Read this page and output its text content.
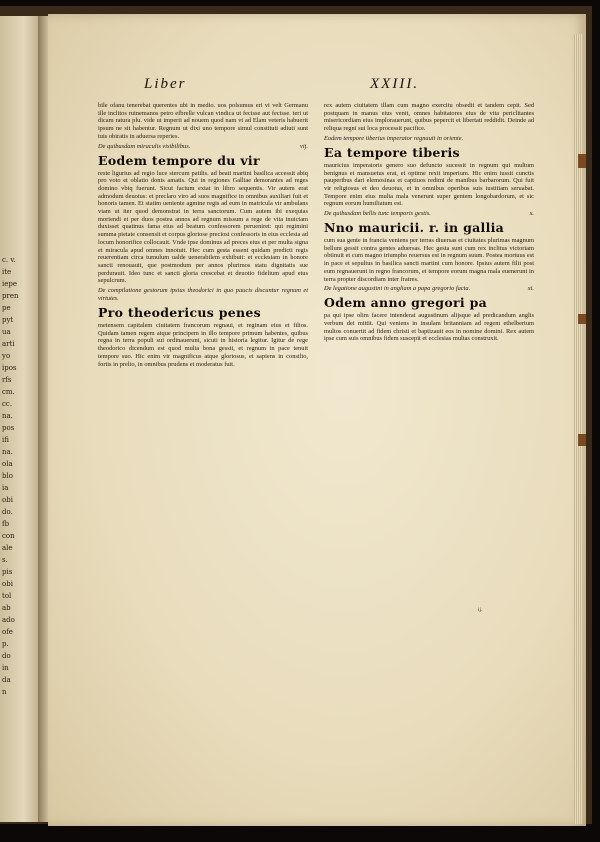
c. v.
ite
iepe
pren
pe
pyt
ua
arti
yo
ipos
rfs
cm.
cc.
na.
pos
ifi
na.
ola
blo
ia
obi
do.
fb
con
ale
s.
pis
obi
tol
ab
ado
ofe
p.
do
in
da
n
Liber	XXIII.

bile ofanu tenerebat querentes ubi in medio. uos polsumus eri vi velt Germanu ille inclitos ruinemanos petro efbrelle vulcan vindica ut fecisse aut fecisse. teri ut dicam ratura plu. vide ut imperii ad nouem quod nam vt ad Elam veteris habuerit ipsum ne sit habentur. Regnum ut dixi uno tempore simul constituti adiuti sunt tuis obiratis in aduersa reperies.

De quibusdam miraculis visibilibus.	vij.
Eodem tempore du vir

reste ligurius ad regio luce stercum patilis. ad beati martini basilica accessit abiq pro voto et oblatio donis amatis. Qui in regiones Galliae demorantes ad reges domino vbiq fuerunt. Sicut factum extat in libro sequentis. Vir autem erat admodum deuotus: et preclaro viro ad suos magnifice in omnibus auxiliari fuit et honoris tamen. Et statim ueniente agmine regis ad eum in matricula vir ambulans viam ut iter quod demonstrat in terra sanctorum. Cum autem ibi exequias moriendi et per duos postea annos ad regnum missum a rege de vita inuictam duxisset quatinus fama eius ad beatum confessorem perueniret: qui regimini summa pietate consensit et corpus gloriose preciosi confessoris in eius ecclesia ad locum honorifice collocauit. Vnde ipse dominus ad preces eius et per multa signa et miracula apud omnes innotuit. Hec cum gesta essent quidam predicti regis reuerentiam circa tumulum ualde uenerabilem exhibuit: et ecclesiam in honore sancti renouauit, que postmodum per annos plurimos statu dignitatis sue perdurauit. Ideo tunc et sancti gloria crescebat et deuotio fidelium apud eius sepulcrum.

De compilatione gestorum ipsius theodorici in quo paucis discuntur regnum et virtutes.
Pro theodericus penes

metensem capitalem ciuitatem francorum regnaui, et reginam eius et filios. Quidam tamen regem atque principem in illo tempore primum habentes, quibus regna in terra populi sui ordinauerunt, sicuti in historia legitur. Igitur de rege theodorico dicendum est quod multa bona gessit, et regnum in pace tenuit tempore suo. Hic enim vir magnificus atque gloriosus, et sapiens in consilio, fortis in prelio, in omnibus prudens et moderatus fuit.

rex autem ciuitatem illam cum magno exercitu obsedit et tandem cepit. Sed postquam in manus eius venit, omnes habitatores eius de vita periclitantes misericordiam eius implorauerunt, quibus pepercit et libertati reddidit. Deinde ad reliqua regni sui loca processit pacifice.

Eodem tempore tiberius imperator regnauit in oriente.
Ea tempore tiberis

mauricius imperatoris genero suo defuncto sucessit in regnum qui multum benignus et mansuetus erat, et optime rexit imperium. Hic enim iussit cunctis pauperibus dari elemosinas et captiuos redimi de manibus barbarorum. Qui fuit vir religiosus et deo deuotus, et in omnibus operibus suis iustitiam seruabat. Tempore enim eius multa mala venerunt super gentem longobardorum, et sic regnum eorum humiliatum est.

De quibusdam bellis tunc temporis gestis.	x.
Nno mauricii. r. in gallia

cum sua gente in francia veniens per terras diuersas et ciuitates plurimas magnum bellum gessit contra gentes aduersas. Hec gesta sunt cum rex inclitus victoriam obtinuit et cum magno triumpho reuersus est in regnum suum. Postea mortuus est in pace et sepultus in basilica sancti martini cum honore. Ipsius autem filii post eum regnauerunt in regno francorum, et tempore eorum magna mala euenerunt in terra propter discordiam inter fratres.

De legatione augustini in angliam a papa gregorio facta.	xi.
Odem anno gregori pa

pa qui ipse olim facere intenderat augustinum alijsque ad predicandum anglis verbum dei mittit. Qui veniens in insulam britanniam ad regem ethelbertum multos conuertit ad fidem christi et baptizauit eos in nomine domini. Rex autem ipse cum suis omnibus fidem suscepit et ecclesias multas construxit.

ij.
